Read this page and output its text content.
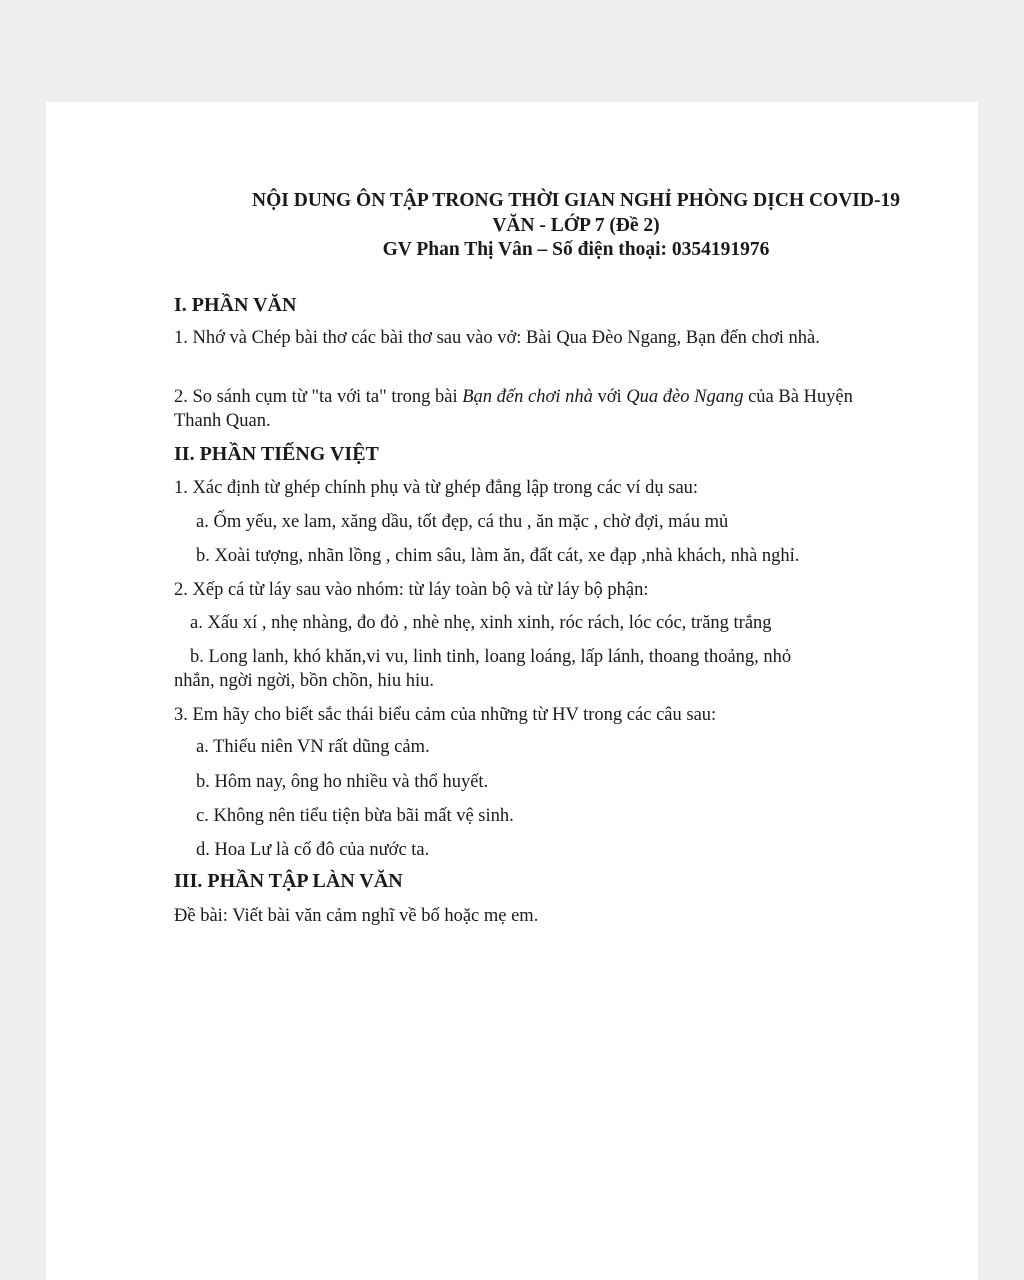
NỘI DUNG ÔN TẬP TRONG THỜI GIAN NGHỈ PHÒNG DỊCH COVID-19
VĂN - LỚP 7 (Đề 2)
GV Phan Thị Vân – Số điện thoại: 0354191976
I. PHẦN VĂN
1. Nhớ và Chép bài thơ các bài thơ sau vào vở: Bài Qua Đèo Ngang, Bạn đến chơi nhà.
2. So sánh cụm từ "ta với ta" trong bài Bạn đến chơi nhà với Qua đèo Ngang của Bà Huyện Thanh Quan.
II. PHẦN TIẾNG VIỆT
1. Xác định từ ghép chính phụ và từ ghép đẳng lập trong các ví dụ sau:
a. Ốm yếu, xe lam, xăng dầu, tốt đẹp, cá thu , ăn mặc , chờ đợi, máu mủ
b. Xoài tượng, nhãn lồng , chim sâu, làm ăn, đất cát, xe đạp ,nhà khách, nhà nghỉ.
2. Xếp cá từ láy sau vào nhóm: từ láy toàn bộ và từ láy bộ phận:
a. Xấu xí , nhẹ nhàng, đo đỏ , nhè nhẹ, xinh xinh, róc rách, lóc cóc, trăng trắng
b. Long lanh, khó khăn,vi vu, linh tinh, loang loáng, lấp lánh, thoang thoảng, nhỏ
nhắn, ngời ngời, bồn chồn, hiu hiu.
3. Em hãy cho biết sắc thái biểu cảm của những từ HV trong các câu sau:
a. Thiếu niên VN rất dũng cảm.
b. Hôm nay, ông ho nhiều và thổ huyết.
c. Không nên tiểu tiện bừa bãi mất vệ sinh.
d. Hoa Lư là cố đô của nước ta.
III. PHẦN TẬP LÀN VĂN
Đề bài: Viết bài văn cảm nghĩ về bố hoặc mẹ em.
